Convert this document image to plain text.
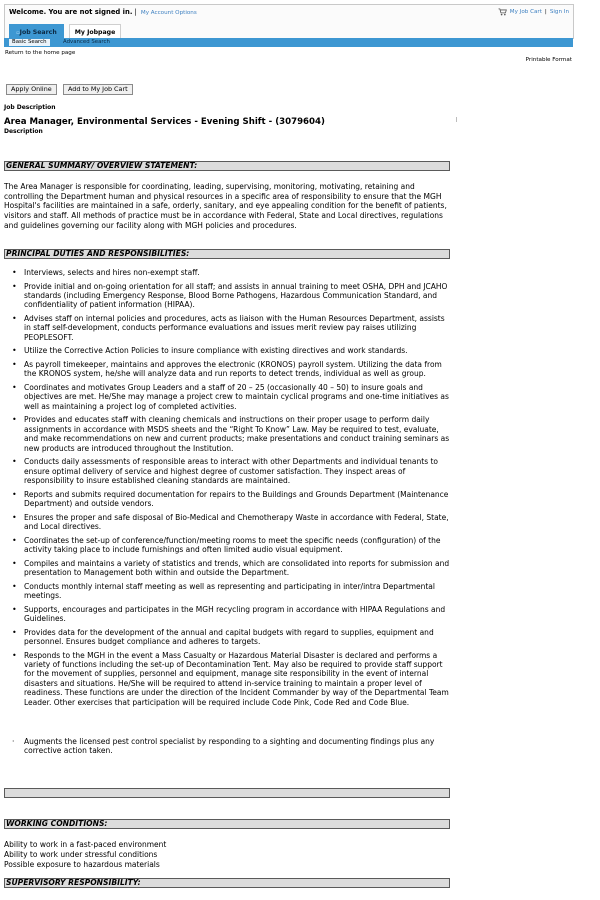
Welcome. You are not signed in. | My Account Options	My Job Cart | Sign In
▫Job Search	My Jobpage
Basic Search	Advanced Search
Return to the home page
Printable Format
Apply Online	Add to My Job Cart
Job Description
Area Manager, Environmental Services - Evening Shift - (3079604)
Description
GENERAL SUMMARY/ OVERVIEW STATEMENT:
The Area Manager is responsible for coordinating, leading, supervising, monitoring, motivating, retaining and controlling the Department human and physical resources in a specific area of responsibility to ensure that the MGH Hospital's facilities are maintained in a safe, orderly, sanitary, and eye appealing condition for the benefit of patients, visitors and staff. All methods of practice must be in accordance with Federal, State and Local directives, regulations and guidelines governing our facility along with MGH policies and procedures.
PRINCIPAL DUTIES AND RESPONSIBILITIES:
• Interviews, selects and hires non-exempt staff.
• Provide initial and on-going orientation for all staff; and assists in annual training to meet OSHA, DPH and JCAHO standards (including Emergency Response, Blood Borne Pathogens, Hazardous Communication Standard, and confidentiality of patient information (HIPAA).
• Advises staff on internal policies and procedures, acts as liaison with the Human Resources Department, assists in staff self-development, conducts performance evaluations and issues merit review pay raises utilizing PEOPLESOFT.
• Utilize the Corrective Action Policies to insure compliance with existing directives and work standards.
• As payroll timekeeper, maintains and approves the electronic (KRONOS) payroll system. Utilizing the data from the KRONOS system, he/she will analyze data and run reports to detect trends, individual as well as group.
• Coordinates and motivates Group Leaders and a staff of 20 – 25 (occasionally 40 – 50) to insure goals and objectives are met. He/She may manage a project crew to maintain cyclical programs and one-time initiatives as well as maintaining a project log of completed activities.
• Provides and educates staff with cleaning chemicals and instructions on their proper usage to perform daily assignments in accordance with MSDS sheets and the “Right To Know” Law. May be required to test, evaluate, and make recommendations on new and current products; make presentations and conduct training seminars as new products are introduced throughout the Institution.
• Conducts daily assessments of responsible areas to interact with other Departments and individual tenants to ensure optimal delivery of service and highest degree of customer satisfaction. They inspect areas of responsibility to insure established cleaning standards are maintained.
• Reports and submits required documentation for repairs to the Buildings and Grounds Department (Maintenance Department) and outside vendors.
• Ensures the proper and safe disposal of Bio-Medical and Chemotherapy Waste in accordance with Federal, State, and Local directives.
• Coordinates the set-up of conference/function/meeting rooms to meet the specific needs (configuration) of the activity taking place to include furnishings and often limited audio visual equipment.
• Compiles and maintains a variety of statistics and trends, which are consolidated into reports for submission and presentation to Management both within and outside the Department.
• Conducts monthly internal staff meeting as well as representing and participating in inter/intra Departmental meetings.
• Supports, encourages and participates in the MGH recycling program in accordance with HIPAA Regulations and Guidelines.
• Provides data for the development of the annual and capital budgets with regard to supplies, equipment and personnel. Ensures budget compliance and adheres to targets.
• Responds to the MGH in the event a Mass Casualty or Hazardous Material Disaster is declared and performs a variety of functions including the set-up of Decontamination Tent. May also be required to provide staff support for the movement of supplies, personnel and equipment, manage site responsibility in the event of internal disasters and situations. He/She will be required to attend in-service training to maintain a proper level of readiness. These functions are under the direction of the Incident Commander by way of the Departmental Team Leader. Other exercises that participation will be required include Code Pink, Code Red and Code Blue.
·	Augments the licensed pest control specialist by responding to a sighting and documenting findings plus any corrective action taken.
WORKING CONDITIONS:
Ability to work in a fast-paced environment
Ability to work under stressful conditions
Possible exposure to hazardous materials
SUPERVISORY RESPONSIBILITY:
